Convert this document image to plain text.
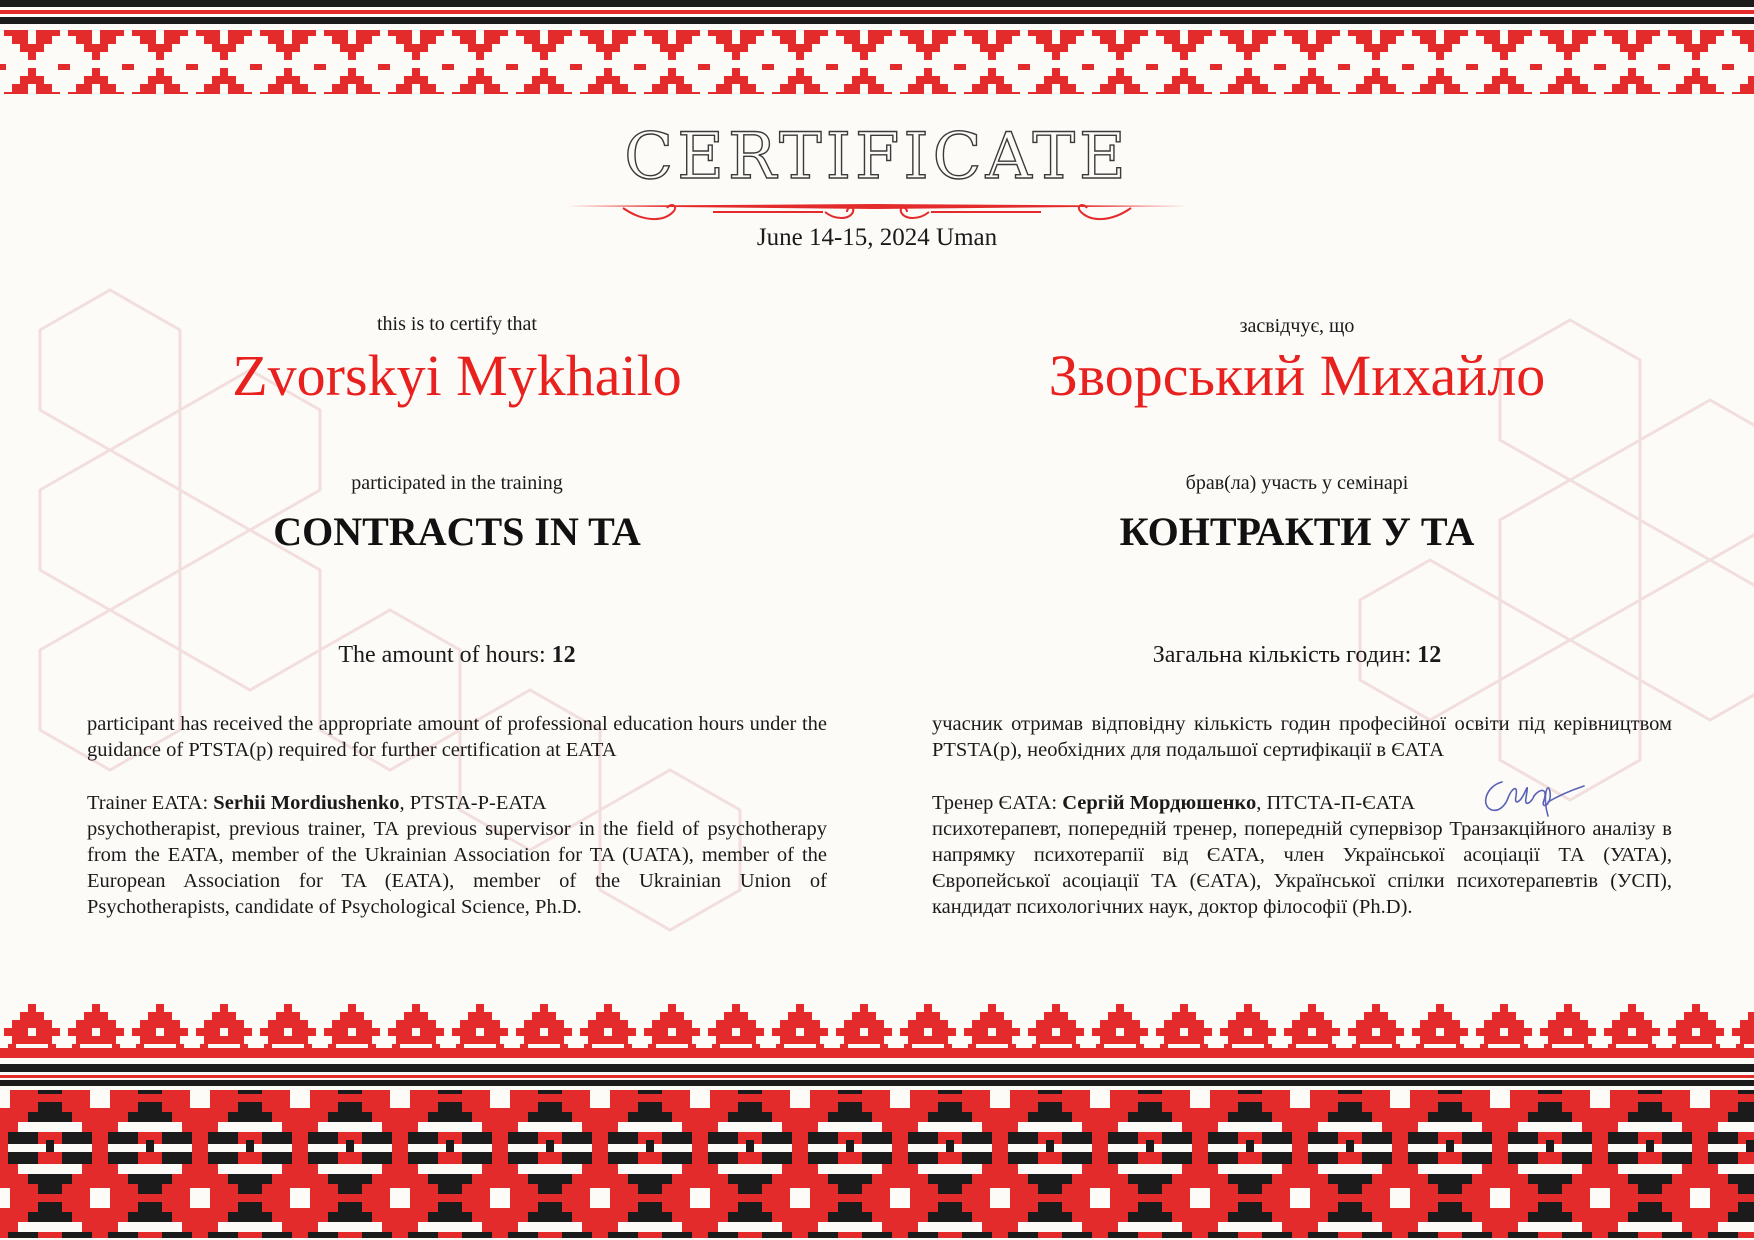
CERTIFICATE
June 14-15, 2024 Uman
this is to certify that
Zvorskyi Mykhailo
participated in the training
CONTRACTS IN TA
The amount of hours: 12
participant has received the appropriate amount of professional education hours under the guidance of PTSTA(p) required for further certification at EATA
Trainer EATA: Serhii Mordiushenko, PTSTA-P-EATA
psychotherapist, previous trainer, TA previous supervisor in the field of psychotherapy from the EATA, member of the Ukrainian Association for TA (UATA), member of the European Association for TA (EATA), member of the Ukrainian Union of Psychotherapists, candidate of Psychological Science, Ph.D.
засвідчує, що
Зворський Михайло
брав(ла) участь у семінарі
КОНТРАКТИ У ТА
Загальна кількість годин: 12
учасник отримав відповідну кількість годин професійної освіти під керівництвом PTSTA(p), необхідних для подальшої сертифікації в ЄАТА
Тренер ЄАТА: Сергій Мордюшенко, ПТСТА-П-ЄАТА
психотерапевт, попередній тренер, попередній супервізор Транзакційного аналізу в напрямку психотерапії від ЄАТА, член Української асоціації ТА (УАТА), Європейської асоціації ТА (ЄАТА), Української спілки психотерапевтів (УСП), кандидат психологічних наук, доктор філософії (Ph.D).
